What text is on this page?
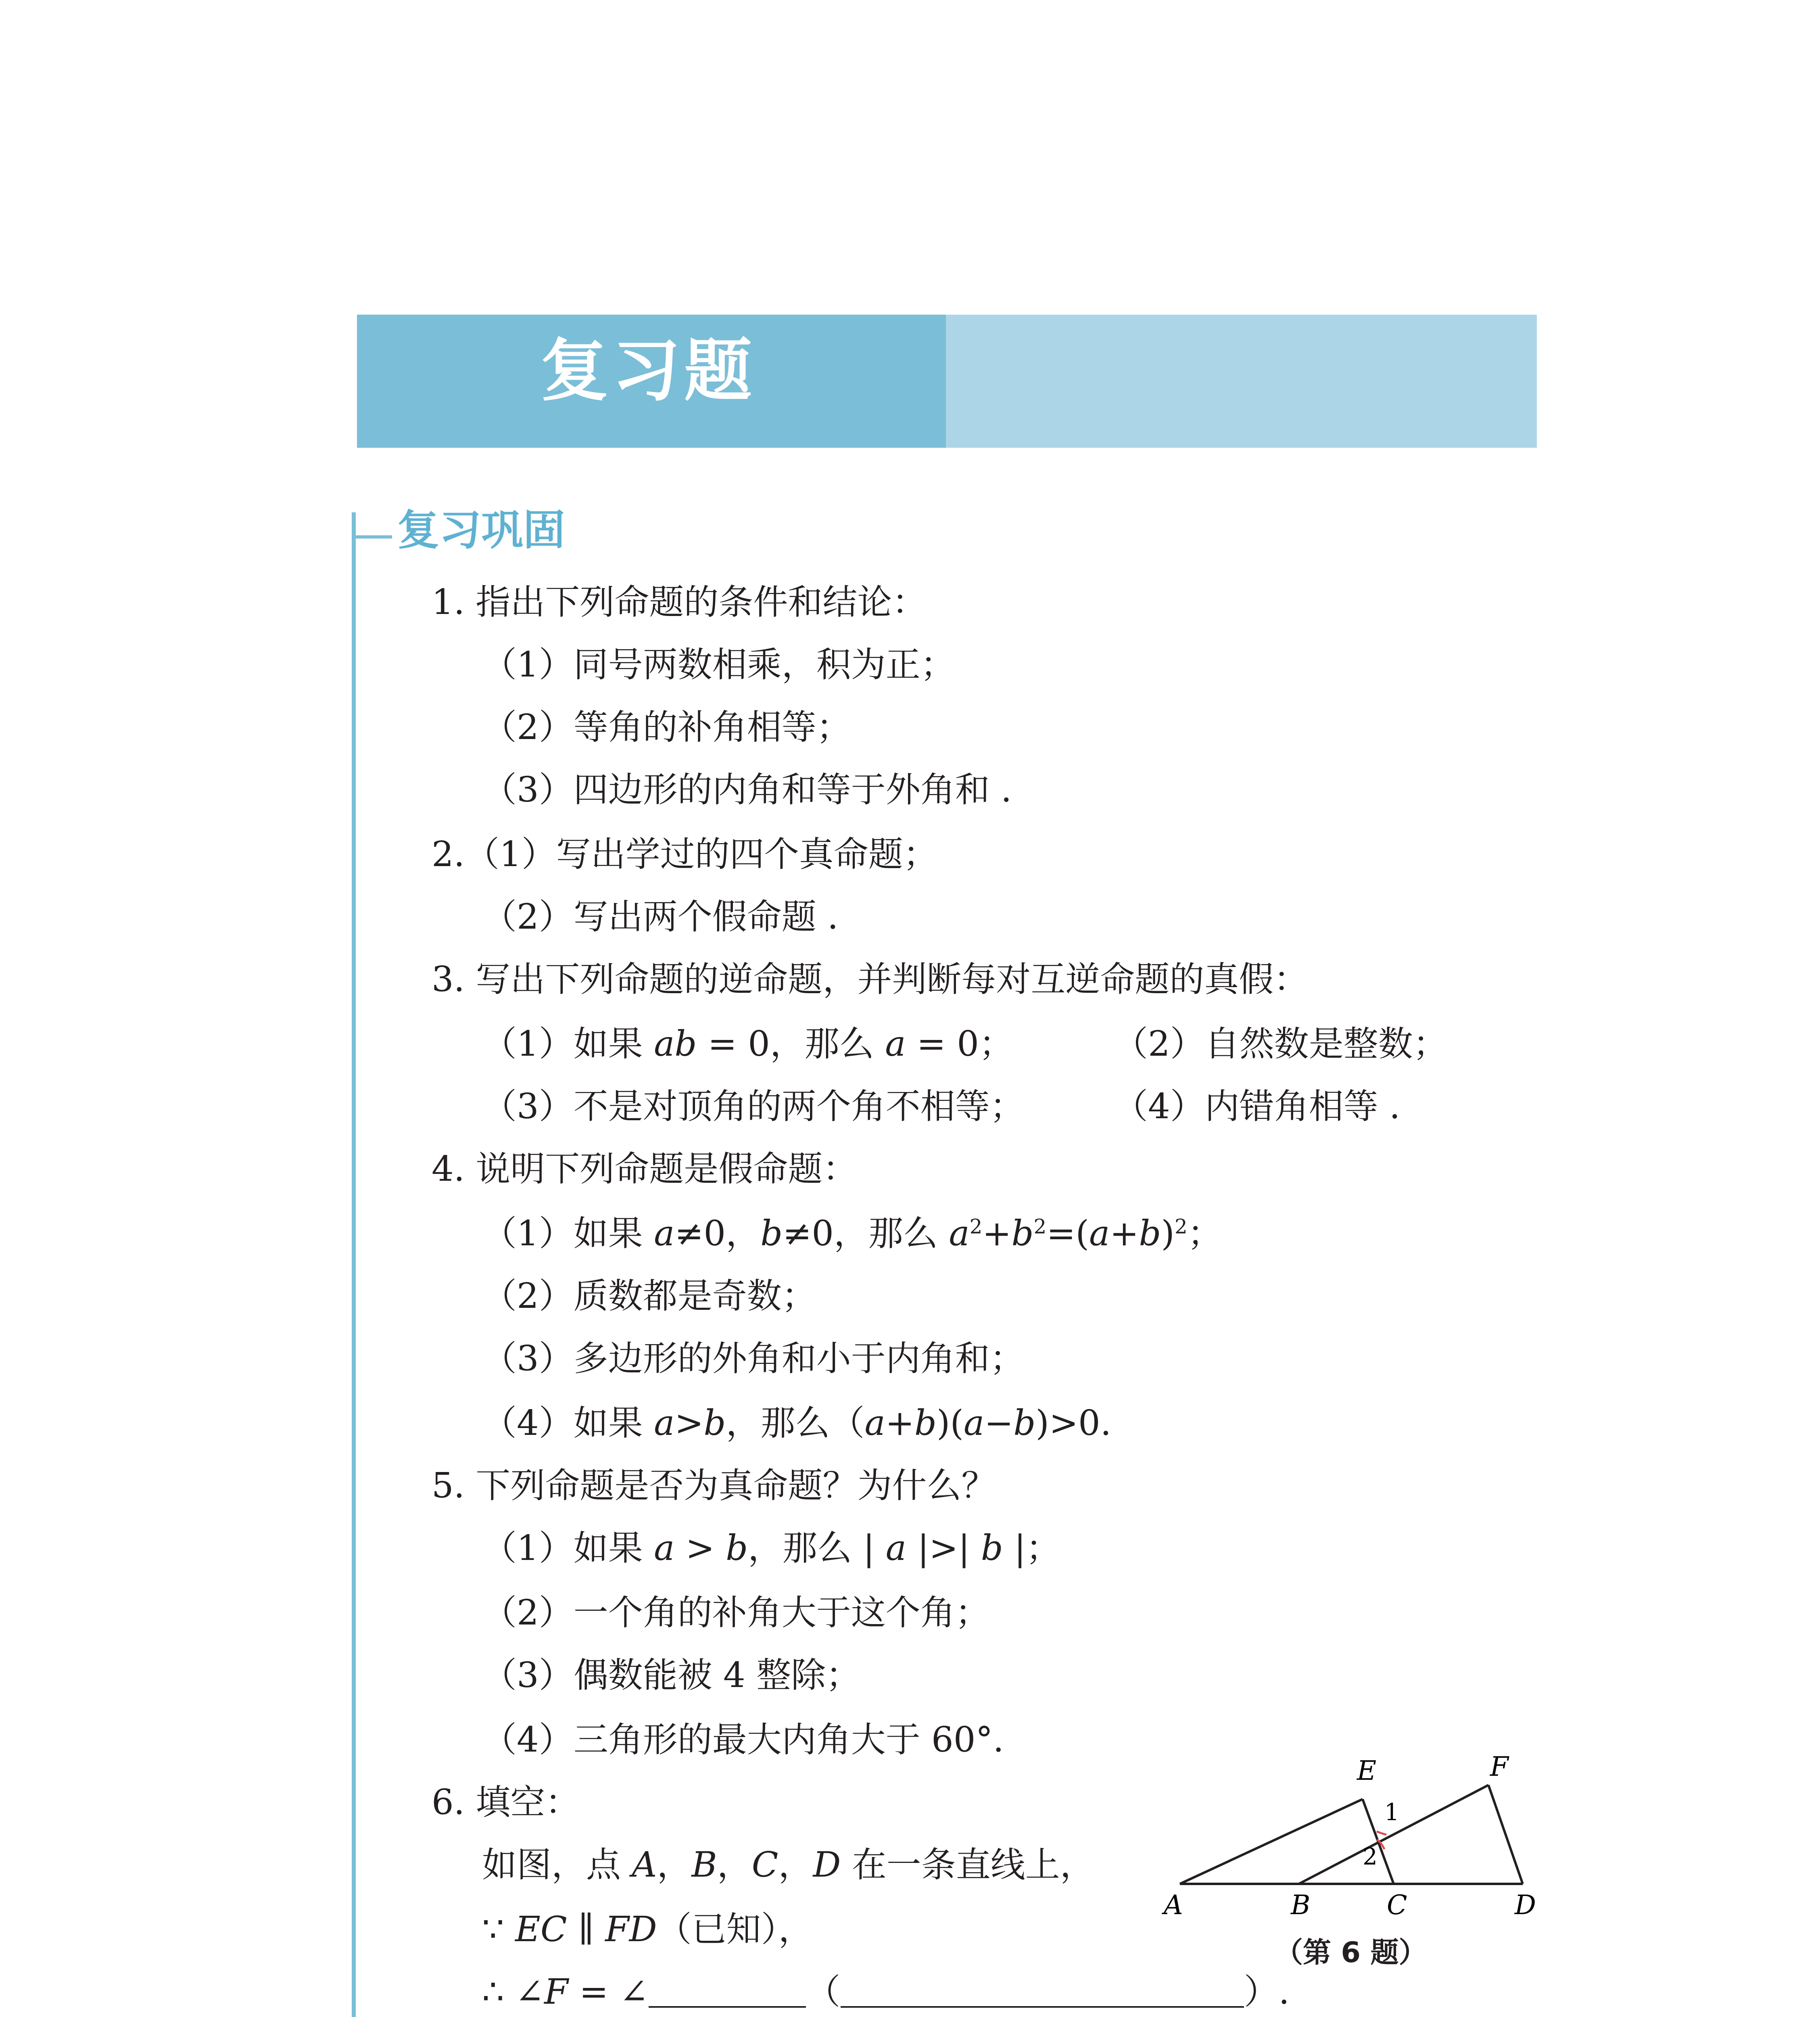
复习题
复习巩固
1. 指出下列命题的条件和结论：
（1）同号两数相乘，积为正；
（2）等角的补角相等；
（3）四边形的内角和等于外角和 .
2.（1）写出学过的四个真命题；
（2）写出两个假命题 .
3. 写出下列命题的逆命题，并判断每对互逆命题的真假：
（1）如果 ab = 0，那么 a = 0；	（2）自然数是整数；
（3）不是对顶角的两个角不相等；	（4）内错角相等 .
4. 说明下列命题是假命题：
（1）如果 a≠0，b≠0，那么 $a^2+b^2=(a+b)^2$；
（2）质数都是奇数；
（3）多边形的外角和小于内角和；
（4）如果 a>b，那么（a+b)(a−b)>0.
5. 下列命题是否为真命题？为什么？
（1）如果 a > b，那么 | a |>| b |；
（2）一个角的补角大于这个角；
（3）偶数能被 4 整除；
（4）三角形的最大内角大于 60°.
6. 填空：
如图，点 A，B，C，D 在一条直线上，
∵ EC ∥ FD（已知），
∴ ∠F = ∠	（	）.
E	F
A	B	C	D
1
2
（第 6 题）
